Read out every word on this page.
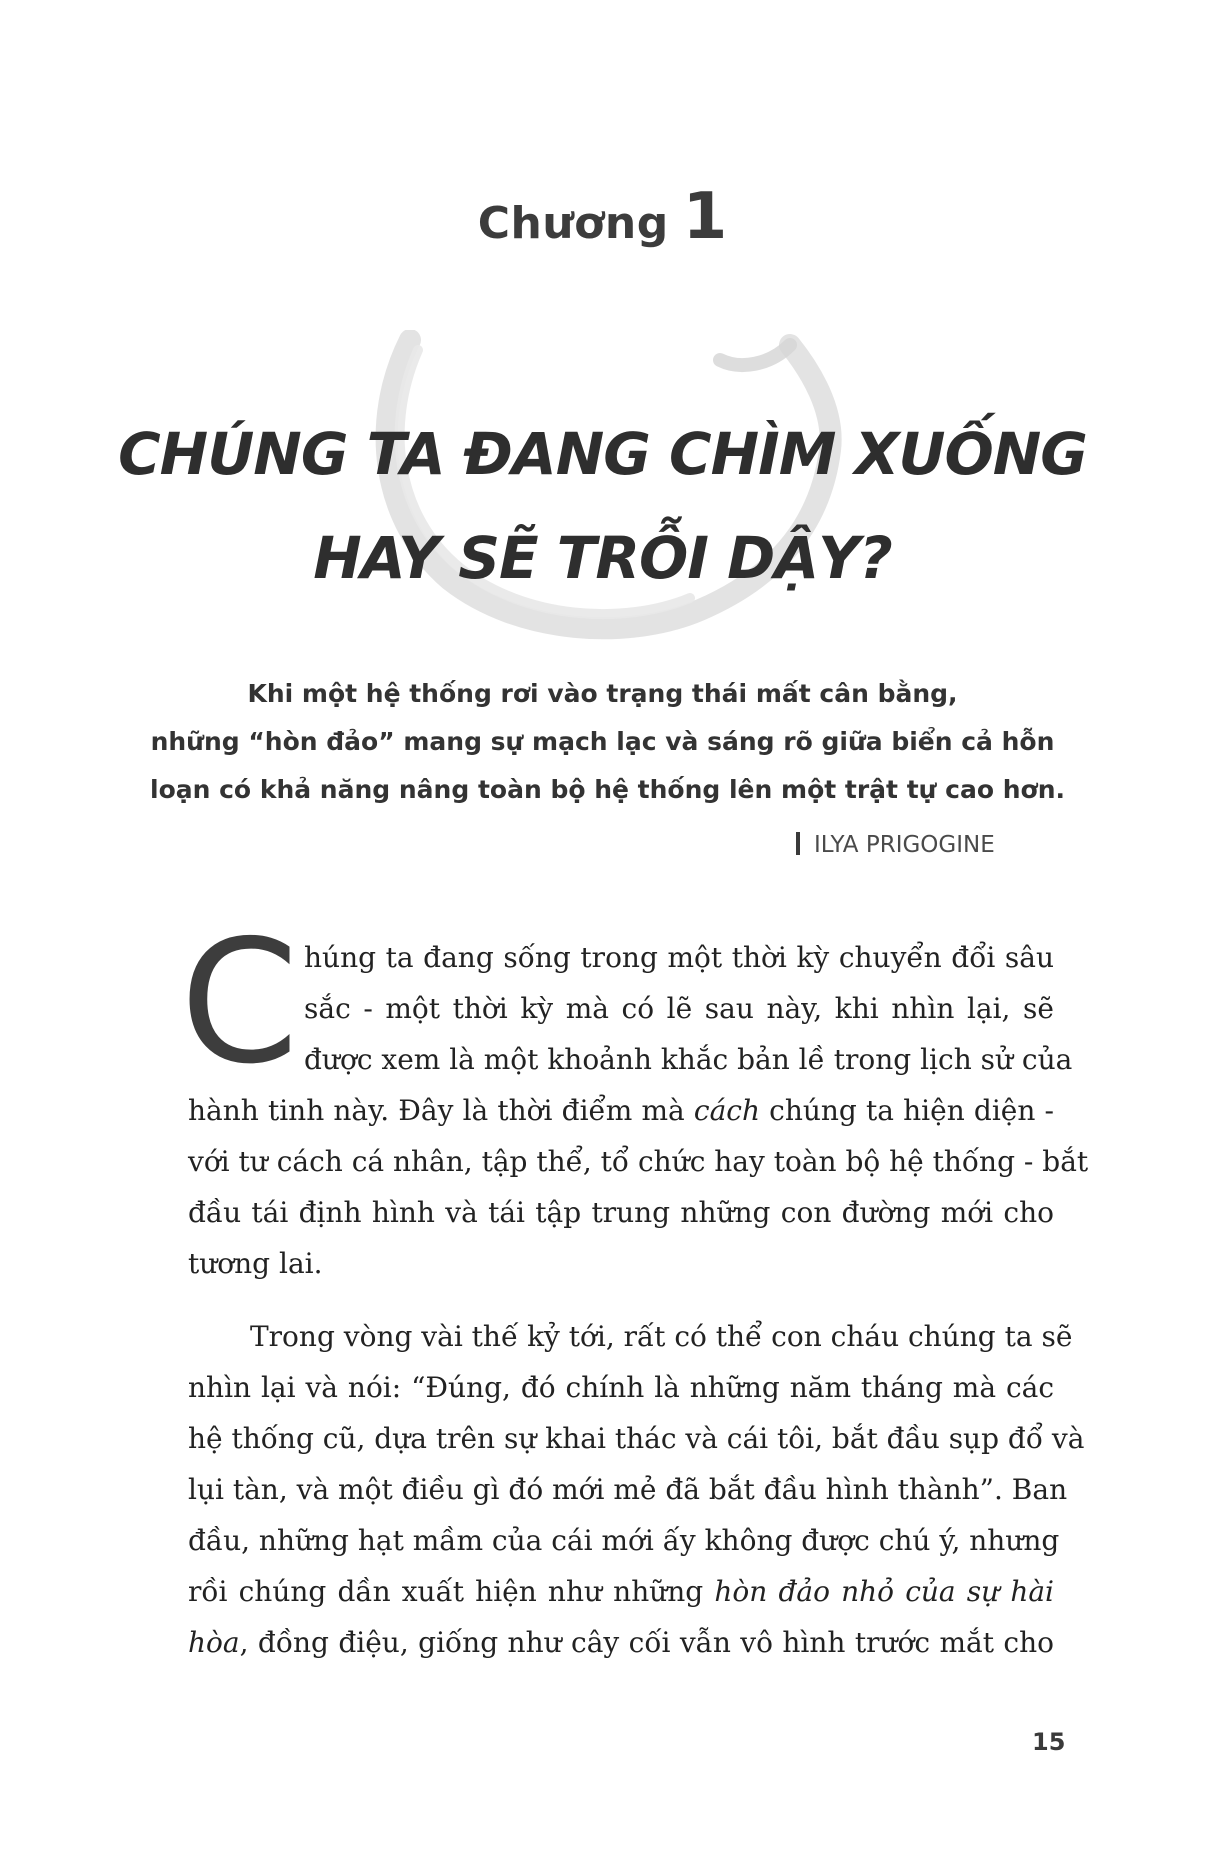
Chương 1
CHÚNG TA ĐANG CHÌM XUỐNG
HAY SẼ TRỖI DẬY?
Khi một hệ thống rơi vào trạng thái mất cân bằng,
những “hòn đảo” mang sự mạch lạc và sáng rõ giữa biển cả hỗn
loạn có khả năng nâng toàn bộ hệ thống lên một trật tự cao hơn.
ILYA PRIGOGINE
C húng ta đang sống trong một thời kỳ chuyển đổi sâu
sắc - một thời kỳ mà có lẽ sau này, khi nhìn lại, sẽ
được xem là một khoảnh khắc bản lề trong lịch sử của
hành tinh này. Đây là thời điểm mà cách chúng ta hiện diện -
với tư cách cá nhân, tập thể, tổ chức hay toàn bộ hệ thống - bắt
đầu tái định hình và tái tập trung những con đường mới cho
tương lai.
Trong vòng vài thế kỷ tới, rất có thể con cháu chúng ta sẽ
nhìn lại và nói: “Đúng, đó chính là những năm tháng mà các
hệ thống cũ, dựa trên sự khai thác và cái tôi, bắt đầu sụp đổ và
lụi tàn, và một điều gì đó mới mẻ đã bắt đầu hình thành”. Ban
đầu, những hạt mầm của cái mới ấy không được chú ý, nhưng
rồi chúng dần xuất hiện như những hòn đảo nhỏ của sự hài
hòa, đồng điệu, giống như cây cối vẫn vô hình trước mắt cho
15
